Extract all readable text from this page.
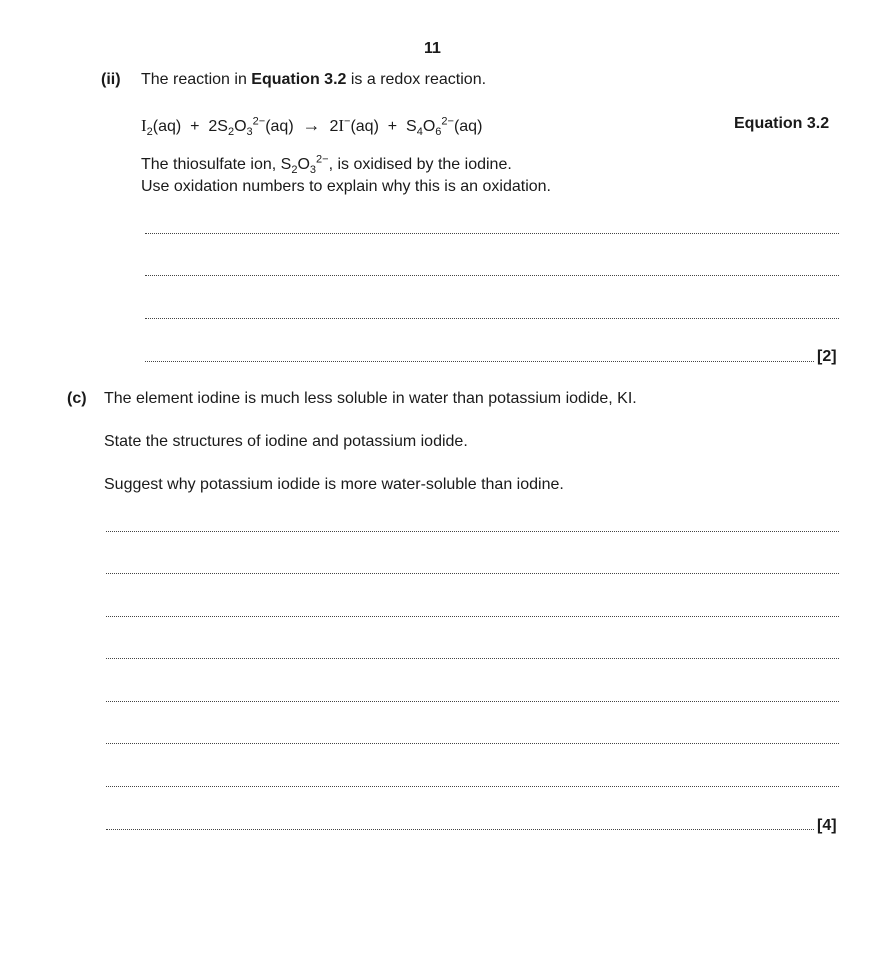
11
(ii) The reaction in Equation 3.2 is a redox reaction.
$I_2(aq) + 2S_2O_3^{2-}(aq) \to 2I^-(aq) + S_4O_6^{2-}(aq)$	Equation 3.2
The thiosulfate ion, $S_2O_3^{2-}$, is oxidised by the iodine.
Use oxidation numbers to explain why this is an oxidation.
[2]
(c) The element iodine is much less soluble in water than potassium iodide, KI.
State the structures of iodine and potassium iodide.
Suggest why potassium iodide is more water-soluble than iodine.
[4]
